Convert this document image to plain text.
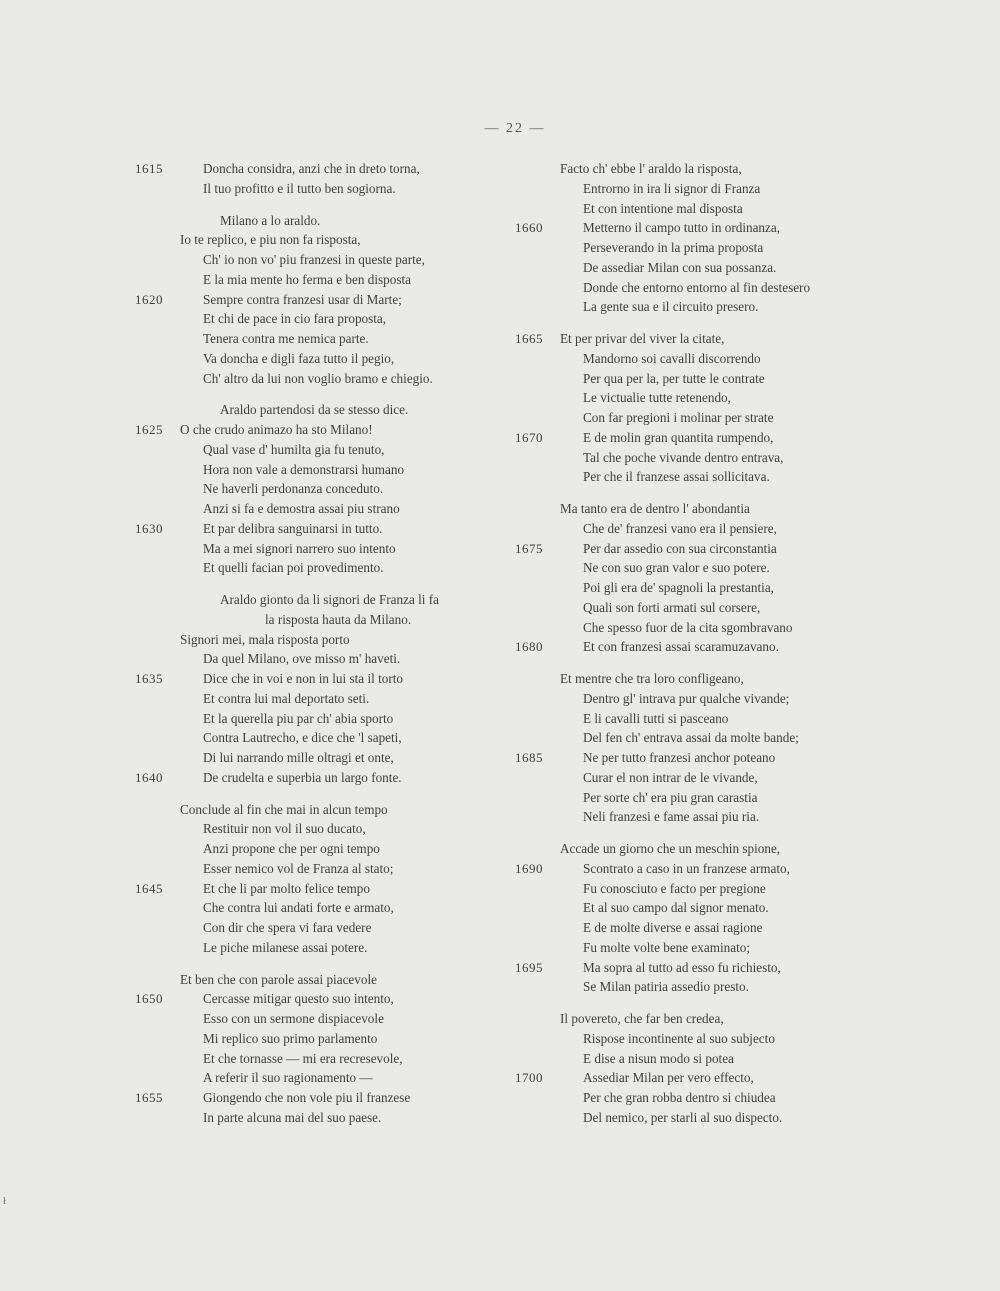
— 22 —
1615	Doncha considra, anzi che in dreto torna,
Il tuo profitto e il tutto ben sogiorna.
Milano a lo araldo.
Io te replico, e piu non fa risposta,
Ch' io non vo' piu franzesi in queste parte,
E la mia mente ho ferma e ben disposta
1620	Sempre contra franzesi usar di Marte;
Et chi de pace in cio fara proposta,
Tenera contra me nemica parte.
Va doncha e digli faza tutto il pegio,
Ch' altro da lui non voglio bramo e chiegio.
Araldo partendosi da se stesso dice.
1625	O che crudo animazo ha sto Milano!
Qual vase d' humilta gia fu tenuto,
Hora non vale a demonstrarsi humano
Ne haverli perdonanza conceduto.
Anzi si fa e demostra assai piu strano
1630	Et par delibra sanguinarsi in tutto.
Ma a mei signori narrero suo intento
Et quelli facian poi provedimento.
Araldo gionto da li signori de Franza li fa
la risposta hauta da Milano.
Signori mei, mala risposta porto
Da quel Milano, ove misso m' haveti.
1635	Dice che in voi e non in lui sta il torto
Et contra lui mal deportato seti.
Et la querella piu par ch' abia sporto
Contra Lautrecho, e dice che 'l sapeti,
Di lui narrando mille oltragi et onte,
1640	De crudelta e superbia un largo fonte.
Conclude al fin che mai in alcun tempo
Restituir non vol il suo ducato,
Anzi propone che per ogni tempo
Esser nemico vol de Franza al stato;
1645	Et che li par molto felice tempo
Che contra lui andati forte e armato,
Con dir che spera vi fara vedere
Le piche milanese assai potere.
Et ben che con parole assai piacevole
1650	Cercasse mitigar questo suo intento,
Esso con un sermone dispiacevole
Mi replico suo primo parlamento
Et che tornasse — mi era recresevole,
A referir il suo ragionamento —
1655	Giongendo che non vole piu il franzese
In parte alcuna mai del suo paese.
Facto ch' ebbe l' araldo la risposta,
Entrorno in ira li signor di Franza
Et con intentione mal disposta
1660	Metterno il campo tutto in ordinanza,
Perseverando in la prima proposta
De assediar Milan con sua possanza.
Donde che entorno entorno al fin destesero
La gente sua e il circuito presero.
1665	Et per privar del viver la citate,
Mandorno soi cavalli discorrendo
Per qua per la, per tutte le contrate
Le victualie tutte retenendo,
Con far pregioni i molinar per strate
1670	E de molin gran quantita rumpendo,
Tal che poche vivande dentro entrava,
Per che il franzese assai sollicitava.
Ma tanto era de dentro l' abondantia
Che de' franzesi vano era il pensiere,
1675	Per dar assedio con sua circonstantia
Ne con suo gran valor e suo potere.
Poi gli era de' spagnoli la prestantia,
Quali son forti armati sul corsere,
Che spesso fuor de la cita sgombravano
1680	Et con franzesi assai scaramuzavano.
Et mentre che tra loro confligeano,
Dentro gl' intrava pur qualche vivande;
E li cavalli tutti si pasceano
Del fen ch' entrava assai da molte bande;
1685	Ne per tutto franzesi anchor poteano
Curar el non intrar de le vivande,
Per sorte ch' era piu gran carastia
Neli franzesi e fame assai piu ria.
Accade un giorno che un meschin spione,
1690	Scontrato a caso in un franzese armato,
Fu conosciuto e facto per pregione
Et al suo campo dal signor menato.
E de molte diverse e assai ragione
Fu molte volte bene examinato;
1695	Ma sopra al tutto ad esso fu richiesto,
Se Milan patiria assedio presto.
Il povereto, che far ben credea,
Rispose incontinente al suo subjecto
E dise a nisun modo si potea
1700	Assediar Milan per vero effecto,
Per che gran robba dentro si chiudea
Del nemico, per starli al suo dispecto.
ł
